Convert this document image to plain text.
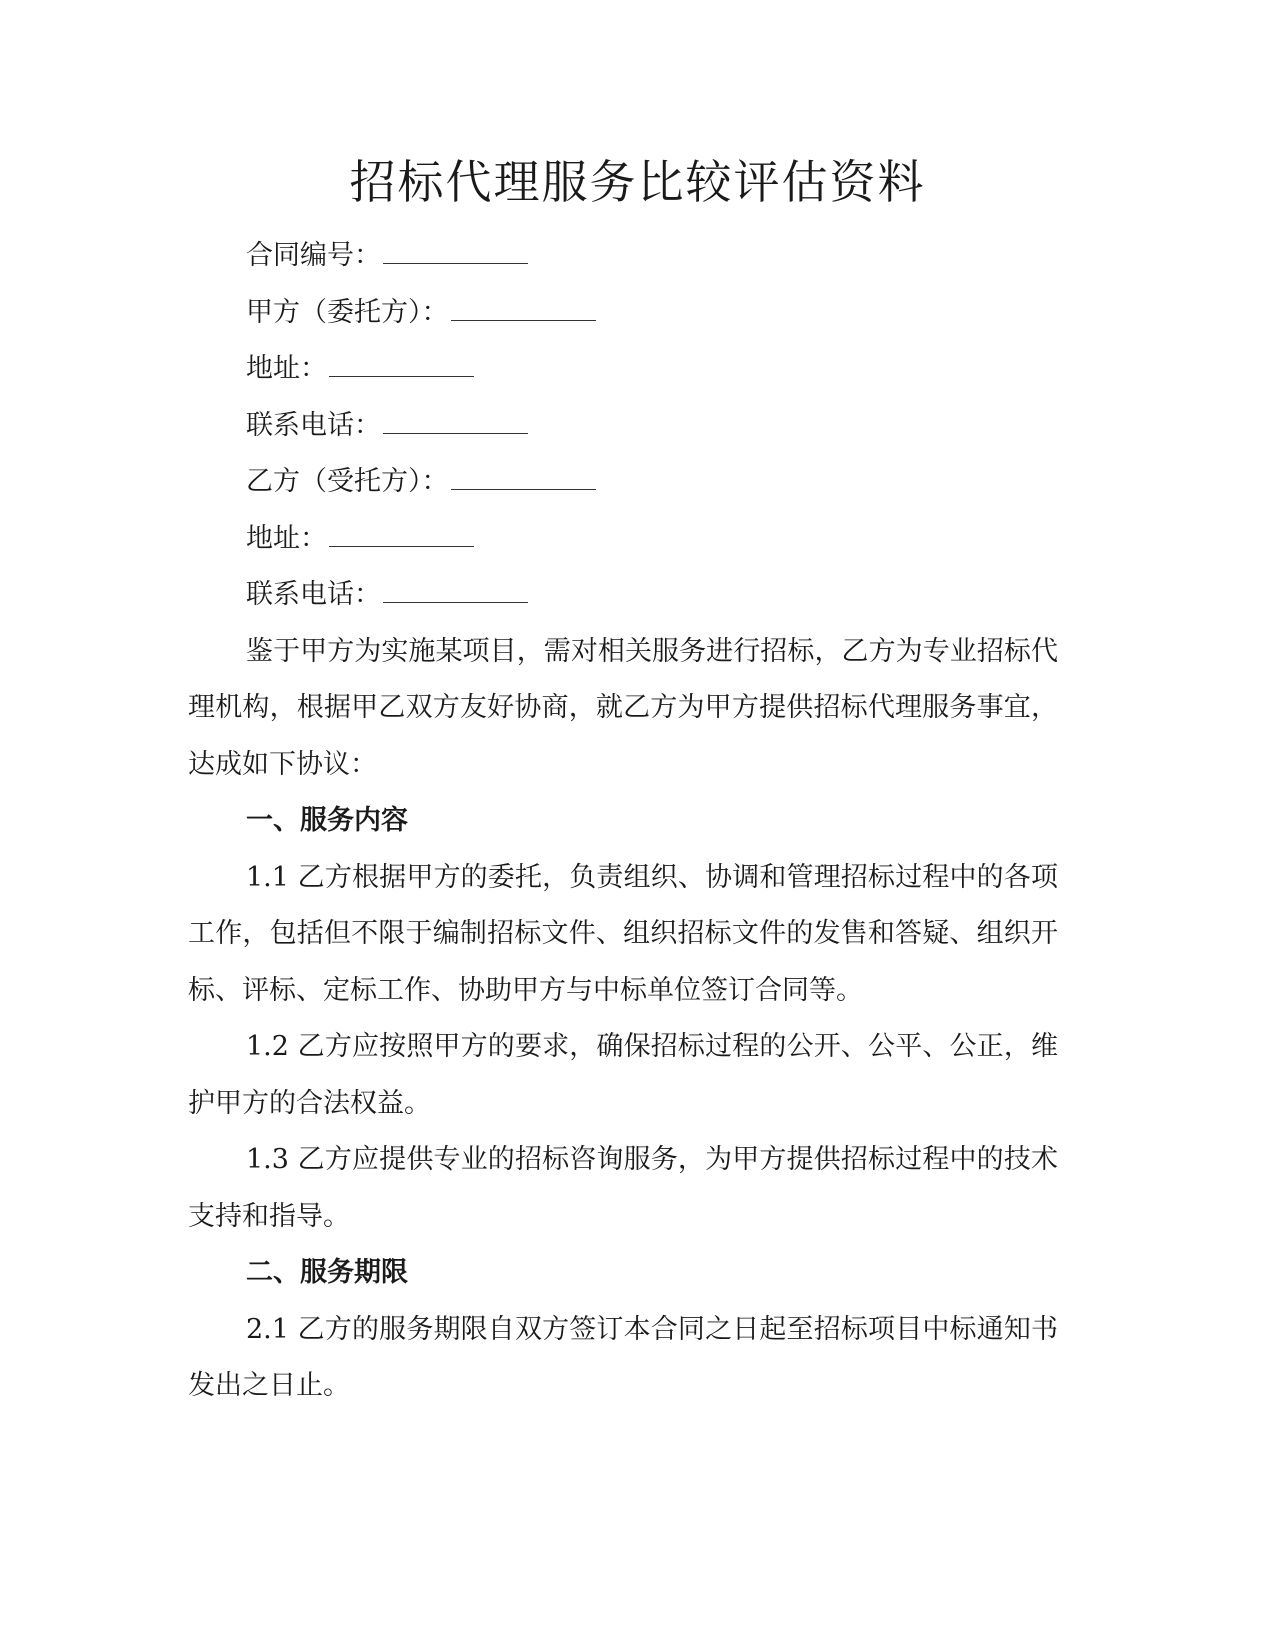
招标代理服务比较评估资料

合同编号：

甲方（委托方）：

地址：

联系电话：

乙方（受托方）：

地址：

联系电话：

鉴于甲方为实施某项目，需对相关服务进行招标，乙方为专业招标代理机构，根据甲乙双方友好协商，就乙方为甲方提供招标代理服务事宜，达成如下协议：

一、服务内容

1.1 乙方根据甲方的委托，负责组织、协调和管理招标过程中的各项工作，包括但不限于编制招标文件、组织招标文件的发售和答疑、组织开标、评标、定标工作、协助甲方与中标单位签订合同等。

1.2 乙方应按照甲方的要求，确保招标过程的公开、公平、公正，维护甲方的合法权益。

1.3 乙方应提供专业的招标咨询服务，为甲方提供招标过程中的技术支持和指导。

二、服务期限

2.1 乙方的服务期限自双方签订本合同之日起至招标项目中标通知书发出之日止。
